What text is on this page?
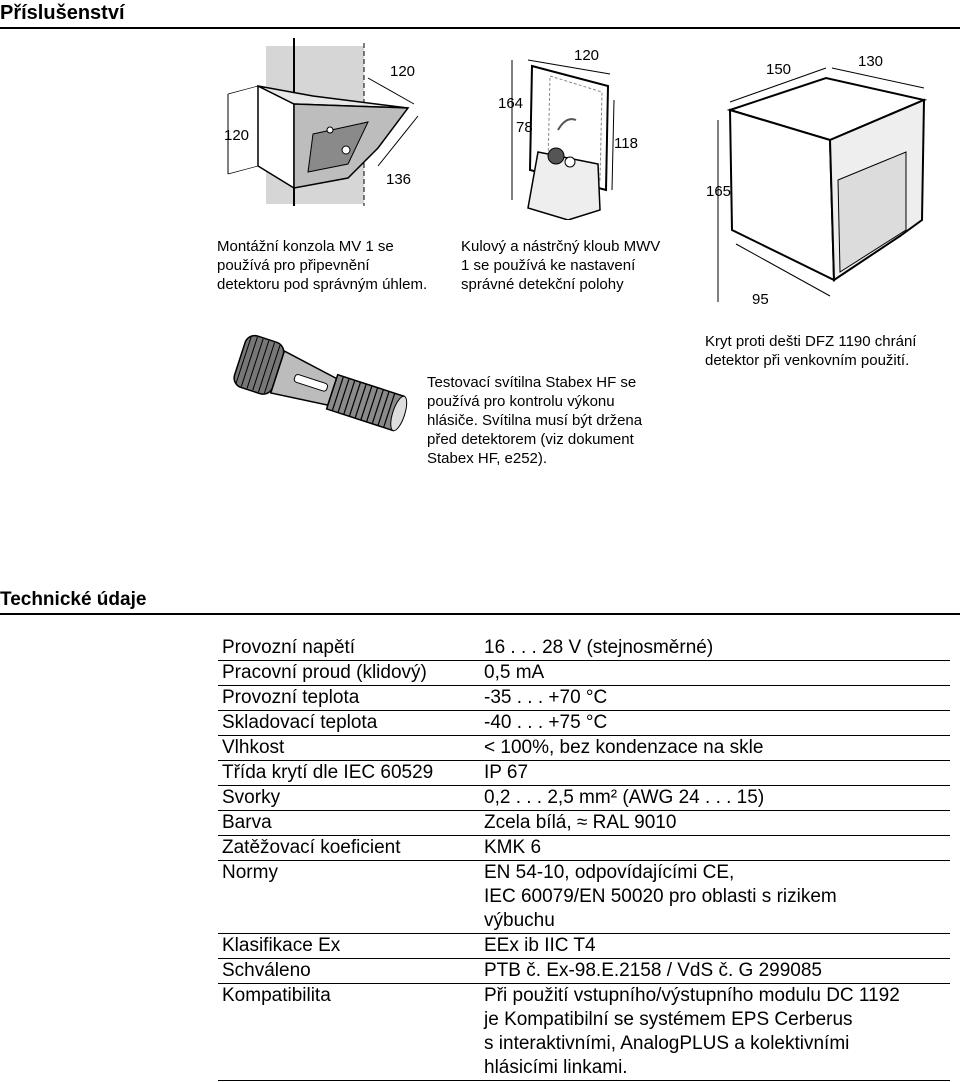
Příslušenství
120
120
136
Montážní konzola MV 1 se
používá pro připevnění
detektoru pod správným úhlem.
120
164
78
118
Kulový a nástrčný kloub MWV
1 se používá ke nastavení
správné detekční polohy
150	130
165
95
Kryt proti dešti DFZ 1190 chrání
detektor při venkovním použití.
Testovací svítilna Stabex HF se
používá pro kontrolu výkonu
hlásiče. Svítilna musí být držena
před detektorem (viz dokument
Stabex HF, e252).
Technické údaje
Provozní napětí	16 . . . 28 V (stejnosměrné)
Pracovní proud (klidový)	0,5 mA
Provozní teplota	-35 . . . +70 °C
Skladovací teplota	-40 . . . +75 °C
Vlhkost	< 100%, bez kondenzace na skle
Třída krytí dle IEC 60529	IP 67
Svorky	0,2 . . . 2,5 mm² (AWG 24 . . . 15)
Barva	Zcela bílá, ≈ RAL 9010
Zatěžovací koeficient	KMK 6
Normy	EN 54-10, odpovídajícími CE,
IEC 60079/EN 50020 pro oblasti s rizikem
výbuchu
Klasifikace Ex	EEx ib IIC T4
Schváleno	PTB č. Ex-98.E.2158 / VdS č. G 299085
Kompatibilita	Při použití vstupního/výstupního modulu DC 1192
je Kompatibilní se systémem EPS Cerberus
s interaktivními, AnalogPLUS a kolektivními
hlásicími linkami.
